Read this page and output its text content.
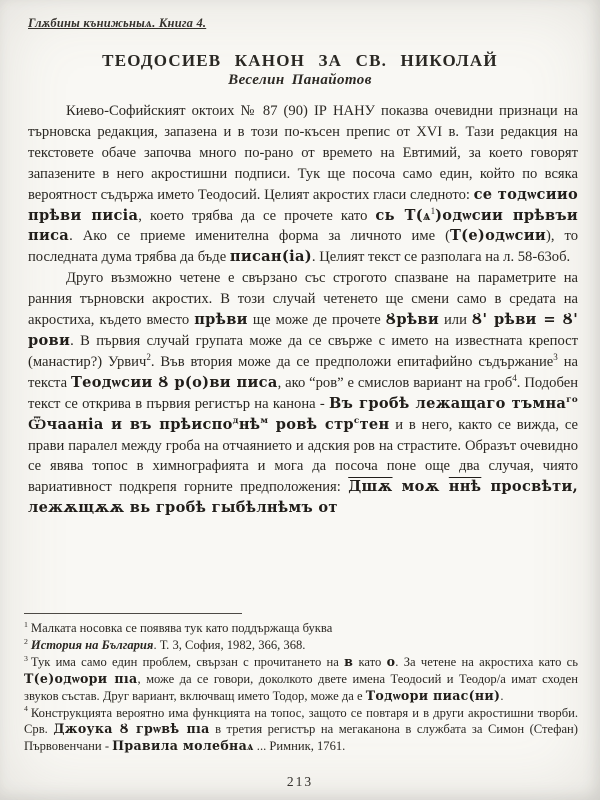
Глѫбины кънижьныѧ. Книга 4.
ТЕОДОСИЕВ КАНОН ЗА СВ. НИКОЛАЙ
Веселин Панайотов

Киево-Софийският октоих № 87 (90) ІР НАНУ показва очевидни признаци на търновска редакция, запазена и в този по-късен препис от XVI в. Тази редакция на текстовете обаче започва много по-рано от времето на Евтимий, за което говорят запазените в него акростишни подписи. Тук ще посоча само един, който по всяка вероятност съдържа името Теодосий. Целият акростих гласи следното: се тодѡсиио прѣви писіа, което трябва да се прочете като сь Т(ѧ$^1$)одѡсии прѣвъи писа. Ако се приеме именителна форма за личното име (Т(е)одѡсии), то последната дума трябва да бъде писан(іа). Целият текст се разполага на л. 58-63об.

Друго възможно четене е свързано със строгото спазване на параметрите на ранния търновски акростих. В този случай четенето ще смени само в средата на акростиха, където вместо прѣви ще може де прочете Ȣрѣви или Ȣ' рѣви = Ȣ' рови. В първия случай групата може да се свърже с името на известната крепост (манастир?) Урвич$^2$. Във втория може да се предположи епитафийно съдържание$^3$ на текста Теодѡсии Ȣ р(о)ви писа, ако “ров” е смислов вариант на гроб$^4$. Подобен текст се открива в първия регистър на канона - Въ гробѣ лежащаго тъмна$^{го}$ Ѿчааніа и въ $прѣиспо^днѣ^м$ ровѣ стр$^с$тен и в него, както се вижда, се прави паралел между гроба на отчаянието и адския ров на страстите. Образът очевидно се явява топос в химнографията и мога да посоча поне още два случая, чиято вариативност подкрепя горните предположения: Дшѫ моѫ ннѣ просвѣти, лежѫщѫѫ вь гробѣ гыбѣлнѣмъ от

$^1$ Малката носовка се появява тук като поддържаща буква

$^2$ История на България. Т. 3, София, 1982, 366, 368.

$^3$ Тук има само един проблем, свързан с прочитането на в като о. За четене на акростиха като сь Т(е)одѡори пıа, може да се говори, доколкото двете имена Теодосий и Теодор/а имат сходен звуков състав. Друг вариант, включващ името Тодор, може да е Тодѡори пиас(ни).

$^4$ Конструкцията вероятно има функцията на топос, защото се повтаря и в други акростишни творби. Срв. Джоука Ȣ грѡвѣ пıа в третия регистър на мегаканона в службата за Симон (Стефан) Първовенчани - Правила молебнаѧ ... Римник, 1761.

213
